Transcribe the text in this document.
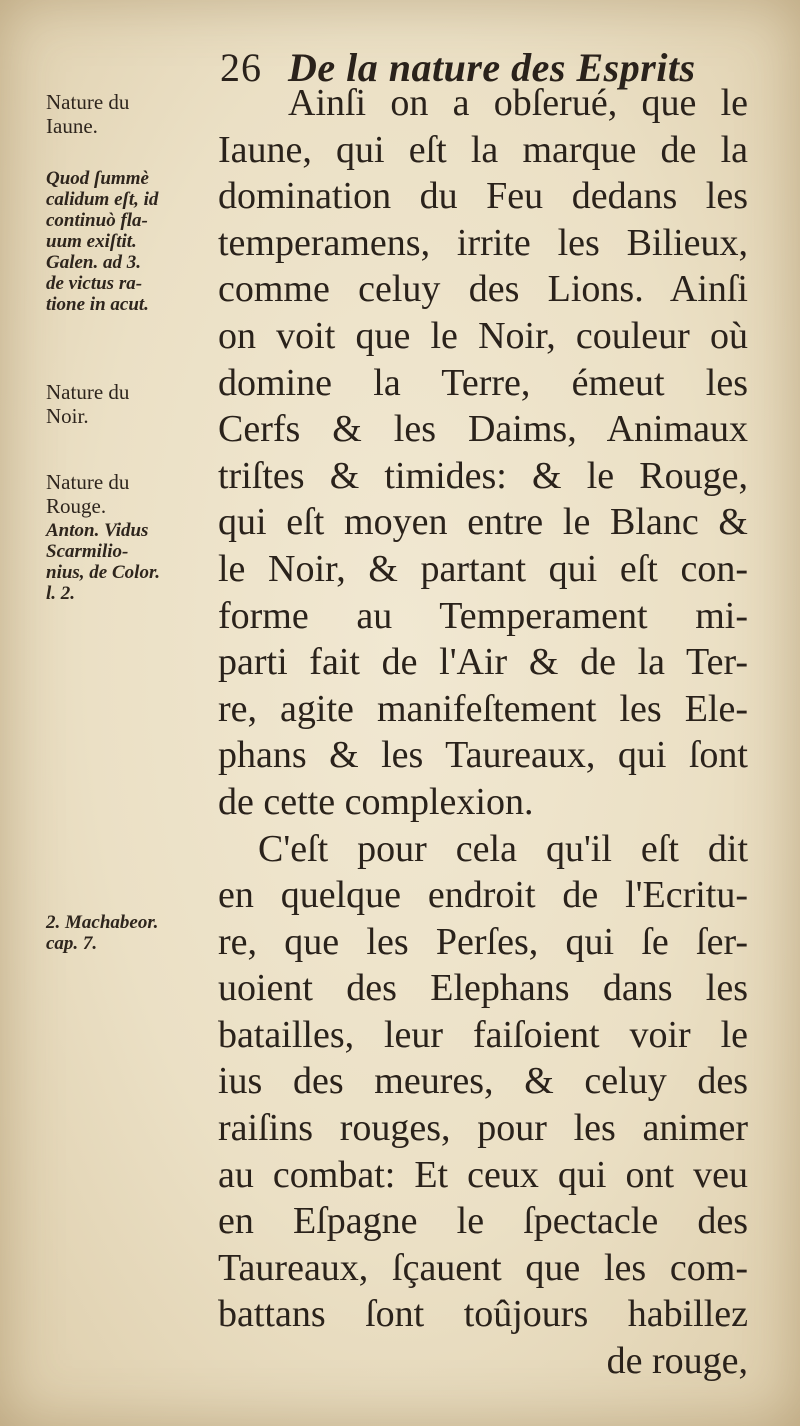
26 De la nature des Esprits
Ainſi on a obſerué, que le
Iaune, qui eſt la marque de la
domination du Feu dedans les
temperamens, irrite les Bilieux,
comme celuy des Lions. Ainſi
on voit que le Noir, couleur où
domine la Terre, émeut les
Cerfs & les Daims, Animaux
triſtes & timides: & le Rouge,
qui eſt moyen entre le Blanc &
le Noir, & partant qui eſt con-
forme au Temperament mi-
parti fait de l'Air & de la Ter-
re, agite manifeſtement les Ele-
phans & les Taureaux, qui ſont
de cette complexion.
C'eſt pour cela qu'il eſt dit
en quelque endroit de l'Ecritu-
re, que les Perſes, qui ſe ſer-
uoient des Elephans dans les
batailles, leur faiſoient voir le
ius des meures, & celuy des
raiſins rouges, pour les animer
au combat: Et ceux qui ont veu
en Eſpagne le ſpectacle des
Taureaux, ſçauent que les com-
battans ſont toûjours habillez
de rouge,
Nature du
Iaune.
Quod ſummè
calidum eſt, id
continuò fla-
uum exiſtit.
Galen. ad 3.
de victus ra-
tione in acut.
Nature du
Noir.
Nature du
Rouge.
Anton. Vidus
Scarmilio-
nius, de Color.
l. 2.
2. Machabeor.
cap. 7.
